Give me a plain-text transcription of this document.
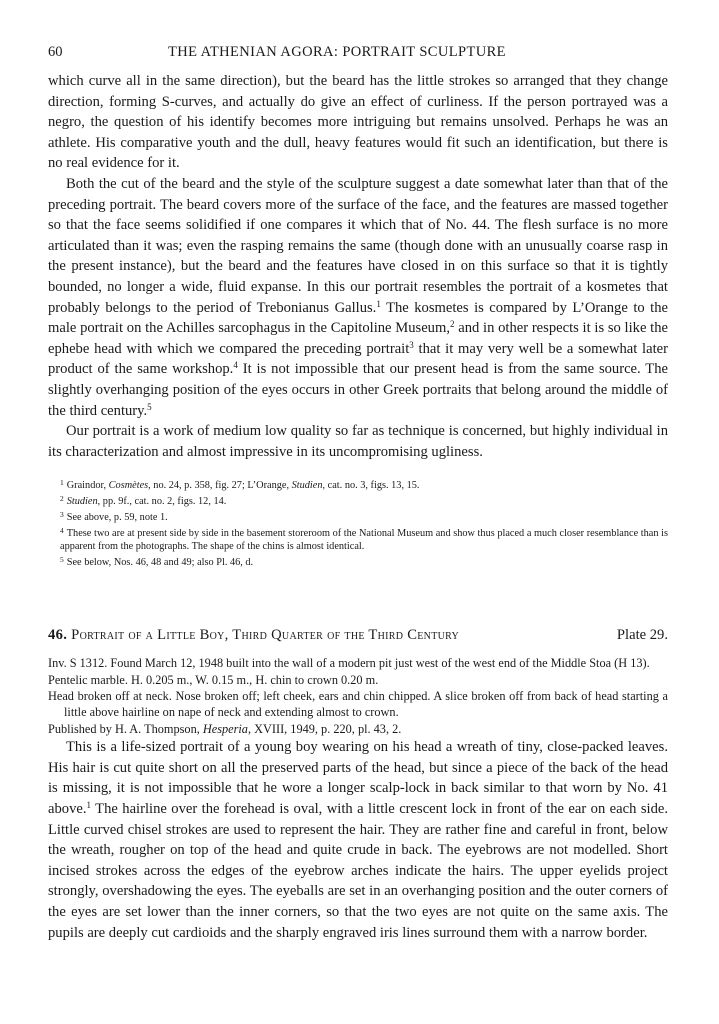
60	THE ATHENIAN AGORA: PORTRAIT SCULPTURE

which curve all in the same direction), but the beard has the little strokes so arranged that they change direction, forming S-curves, and actually do give an effect of curliness. If the person portrayed was a negro, the question of his identify becomes more intriguing but remains unsolved. Perhaps he was an athlete. His comparative youth and the dull, heavy features would fit such an identification, but there is no real evidence for it.

Both the cut of the beard and the style of the sculpture suggest a date somewhat later than that of the preceding portrait. The beard covers more of the surface of the face, and the features are massed together so that the face seems solidified if one compares it which that of No. 44. The flesh surface is no more articulated than it was; even the rasping remains the same (though done with an unusually coarse rasp in the present instance), but the beard and the features have closed in on this surface so that it is tightly bounded, no longer a wide, fluid expanse. In this our portrait resembles the portrait of a kosmetes that probably belongs to the period of Trebonianus Gallus.$^1$ The kosmetes is compared by L’Orange to the male portrait on the Achilles sarcophagus in the Capitoline Museum,$^2$ and in other respects it is so like the ephebe head with which we compared the preceding portrait$^3$ that it may very well be a somewhat later product of the same workshop.$^4$ It is not impossible that our present head is from the same source. The slightly overhanging position of the eyes occurs in other Greek portraits that belong around the middle of the third century.$^5$

Our portrait is a work of medium low quality so far as technique is concerned, but highly individual in its characterization and almost impressive in its uncompromising ugliness.

$^1$ Graindor, Cosmètes, no. 24, p. 358, fig. 27; L’Orange, Studien, cat. no. 3, figs. 13, 15.

$^2$ Studien, pp. 9f., cat. no. 2, figs. 12, 14.

$^3$ See above, p. 59, note 1.

$^4$ These two are at present side by side in the basement storeroom of the National Museum and show thus placed a much closer resemblance than is apparent from the photographs. The shape of the chins is almost identical.

$^5$ See below, Nos. 46, 48 and 49; also Pl. 46, d.

46. Portrait of a Little Boy, Third Quarter of the Third Century	Plate 29.

Inv. S 1312. Found March 12, 1948 built into the wall of a modern pit just west of the west end of the Middle Stoa (H 13).

Pentelic marble. H. 0.205 m., W. 0.15 m., H. chin to crown 0.20 m.

Head broken off at neck. Nose broken off; left cheek, ears and chin chipped. A slice broken off from back of head starting a little above hairline on nape of neck and extending almost to crown.

Published by H. A. Thompson, Hesperia, XVIII, 1949, p. 220, pl. 43, 2.

This is a life-sized portrait of a young boy wearing on his head a wreath of tiny, close-packed leaves. His hair is cut quite short on all the preserved parts of the head, but since a piece of the back of the head is missing, it is not impossible that he wore a longer scalp-lock in back similar to that worn by No. 41 above.$^1$ The hairline over the forehead is oval, with a little crescent lock in front of the ear on each side. Little curved chisel strokes are used to represent the hair. They are rather fine and careful in front, below the wreath, rougher on top of the head and quite crude in back. The eyebrows are not modelled. Short incised strokes across the edges of the eyebrow arches indicate the hairs. The upper eyelids project strongly, overshadowing the eyes. The eyeballs are set in an overhanging position and the outer corners of the eyes are set lower than the inner corners, so that the two eyes are not quite on the same axis. The pupils are deeply cut cardioids and the sharply engraved iris lines surround them with a narrow border.
